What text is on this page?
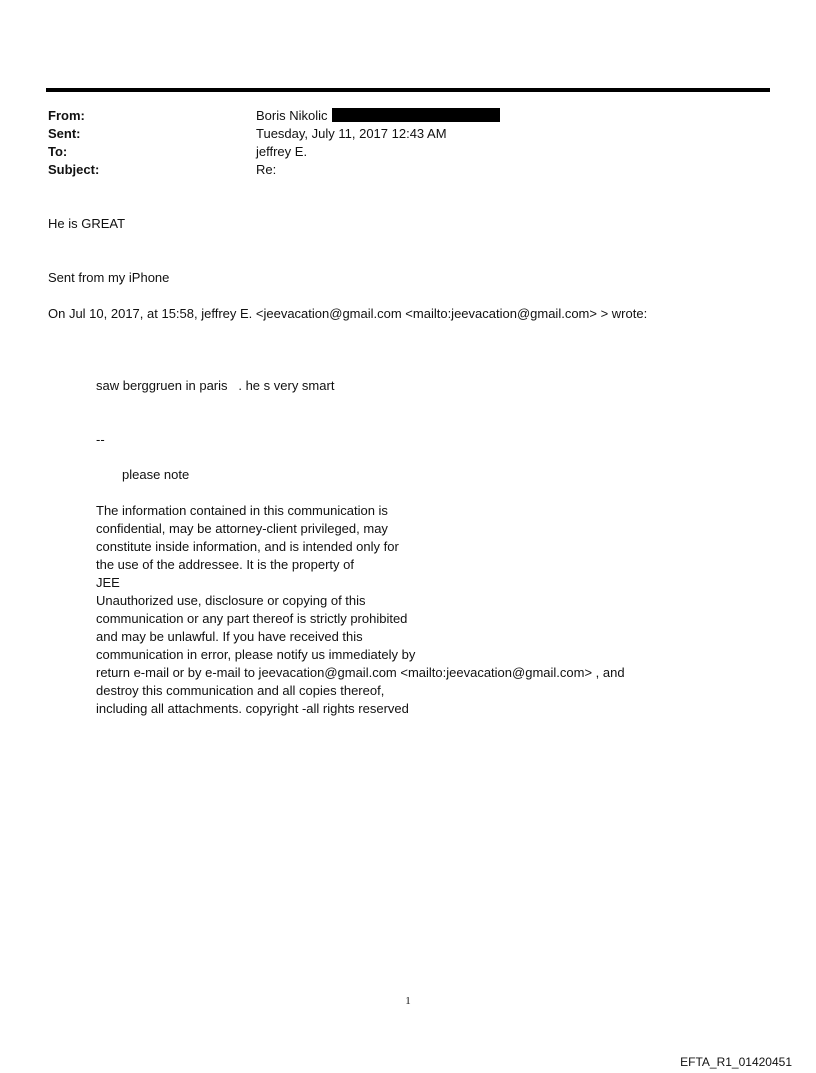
From:	Boris Nikolic
Sent:	Tuesday, July 11, 2017 12:43 AM
To:	jeffrey E.
Subject:	Re:
He is GREAT
Sent from my iPhone
On Jul 10, 2017, at 15:58, jeffrey E. <jeevacation@gmail.com <mailto:jeevacation@gmail.com> > wrote:
saw berggruen in paris   . he s very smart
--
please note
The information contained in this communication is
confidential, may be attorney-client privileged, may
constitute inside information, and is intended only for
the use of the addressee. It is the property of
JEE
Unauthorized use, disclosure or copying of this
communication or any part thereof is strictly prohibited
and may be unlawful. If you have received this
communication in error, please notify us immediately by
return e-mail or by e-mail to jeevacation@gmail.com <mailto:jeevacation@gmail.com> , and
destroy this communication and all copies thereof,
including all attachments. copyright -all rights reserved
1
EFTA_R1_01420451
